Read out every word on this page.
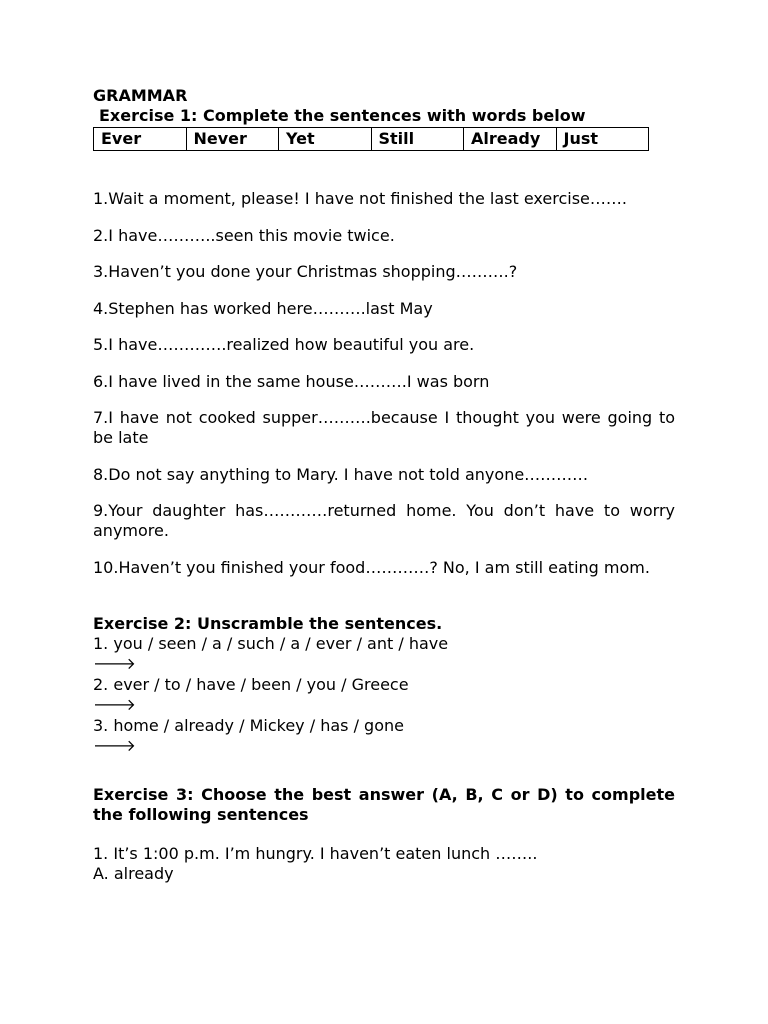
GRAMMAR

Exercise 1: Complete the sentences with words below

Ever	Never	Yet	Still	Already	Just

1.Wait a moment, please! I have not finished the last exercise…….

2.I have………..seen this movie twice.

3.Haven’t you done your Christmas shopping……….?

4.Stephen has worked here……….last May

5.I have………….realized how beautiful you are.

6.I have lived in the same house……….I was born

7.I have not cooked supper……….because I thought you were going to be late

8.Do not say anything to Mary. I have not told anyone…………

9.Your daughter has…………returned home. You don’t have to worry anymore.

10.Haven’t you finished your food…………? No, I am still eating mom.

Exercise 2: Unscramble the sentences.

1. you / seen / a / such / a / ever / ant / have

🡒

2. ever / to / have / been / you / Greece

🡒

3. home / already / Mickey / has / gone

🡒

Exercise 3: Choose the best answer (A, B, C or D) to complete the following sentences

1. It’s 1:00 p.m. I’m hungry. I haven’t eaten lunch ……..

A. already
